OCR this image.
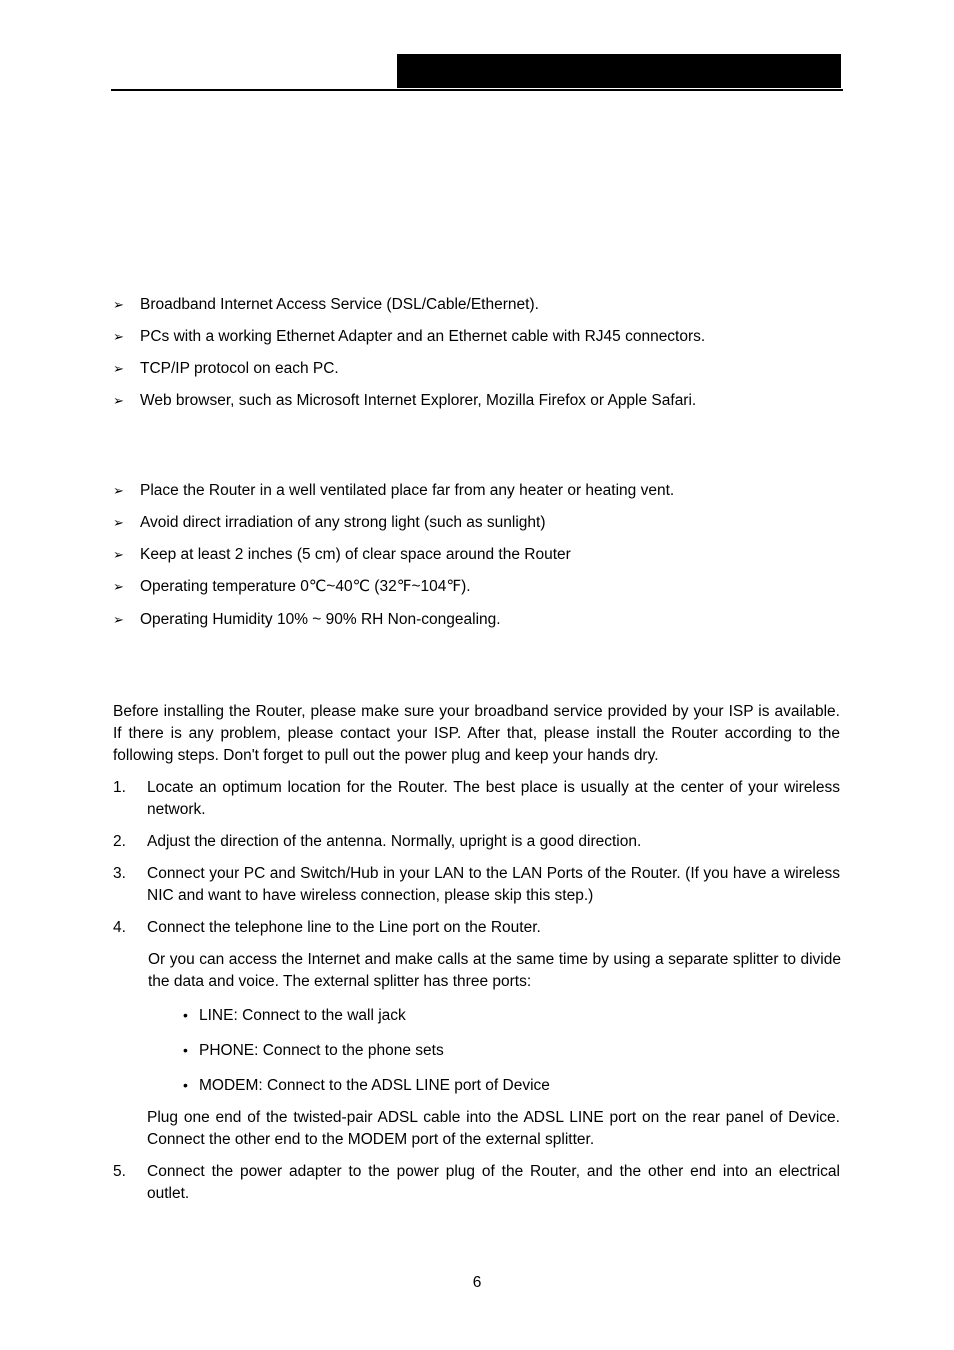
➢ Broadband Internet Access Service (DSL/Cable/Ethernet).
➢ PCs with a working Ethernet Adapter and an Ethernet cable with RJ45 connectors.
➢ TCP/IP protocol on each PC.
➢ Web browser, such as Microsoft Internet Explorer, Mozilla Firefox or Apple Safari.
➢ Place the Router in a well ventilated place far from any heater or heating vent.
➢ Avoid direct irradiation of any strong light (such as sunlight)
➢ Keep at least 2 inches (5 cm) of clear space around the Router
➢ Operating temperature 0℃~40℃ (32℉~104℉).
➢ Operating Humidity 10% ~ 90% RH Non-congealing.

Before installing the Router, please make sure your broadband service provided by your ISP is available. If there is any problem, please contact your ISP. After that, please install the Router according to the following steps. Don't forget to pull out the power plug and keep your hands dry.

1. Locate an optimum location for the Router. The best place is usually at the center of your wireless network.
2. Adjust the direction of the antenna. Normally, upright is a good direction.
3. Connect your PC and Switch/Hub in your LAN to the LAN Ports of the Router. (If you have a wireless NIC and want to have wireless connection, please skip this step.)
4. Connect the telephone line to the Line port on the Router.

Or you can access the Internet and make calls at the same time by using a separate splitter to divide the data and voice. The external splitter has three ports:

• LINE: Connect to the wall jack
• PHONE: Connect to the phone sets
• MODEM: Connect to the ADSL LINE port of Device

Plug one end of the twisted-pair ADSL cable into the ADSL LINE port on the rear panel of Device. Connect the other end to the MODEM port of the external splitter.

5. Connect the power adapter to the power plug of the Router, and the other end into an electrical outlet.
6
